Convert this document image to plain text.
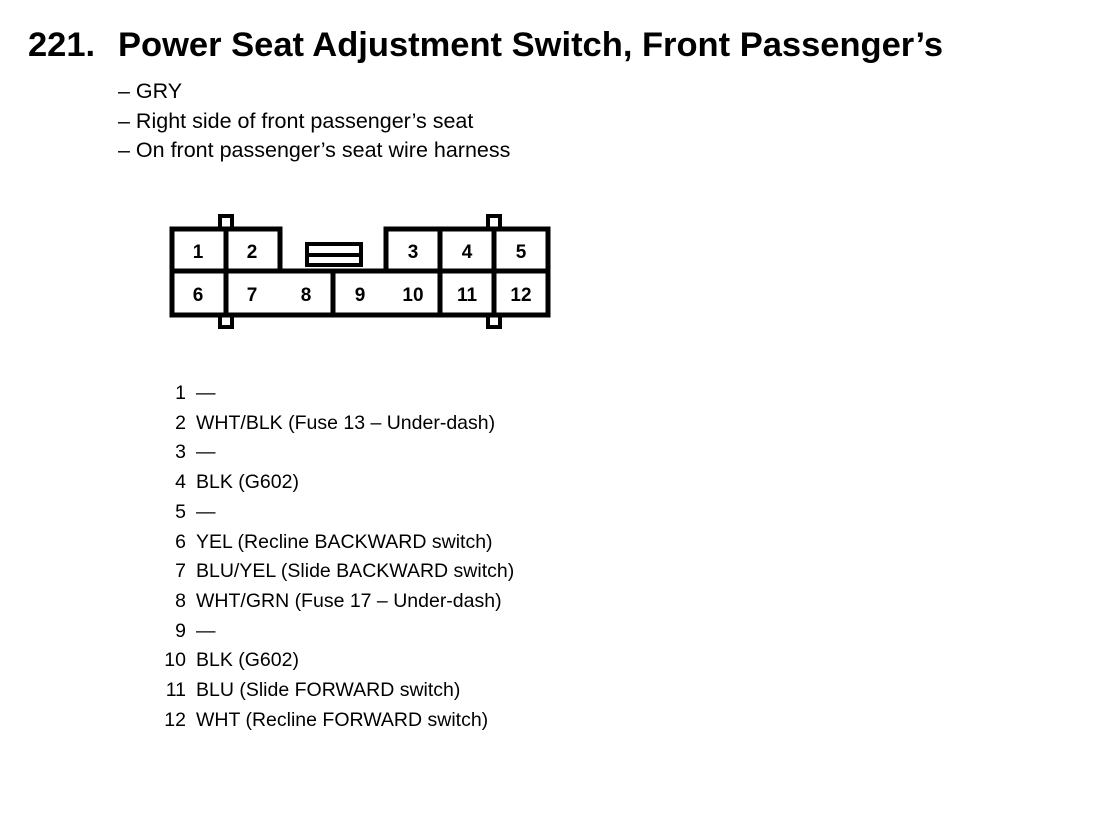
221. Power Seat Adjustment Switch, Front Passenger’s
– GRY
– Right side of front passenger’s seat
– On front passenger’s seat wire harness
1 2	3 4 5
6 7 8 9 10 11 12
1 —
2 WHT/BLK (Fuse 13 – Under-dash)
3 —
4 BLK (G602)
5 —
6 YEL (Recline BACKWARD switch)
7 BLU/YEL (Slide BACKWARD switch)
8 WHT/GRN (Fuse 17 – Under-dash)
9 —
10 BLK (G602)
11 BLU (Slide FORWARD switch)
12 WHT (Recline FORWARD switch)
